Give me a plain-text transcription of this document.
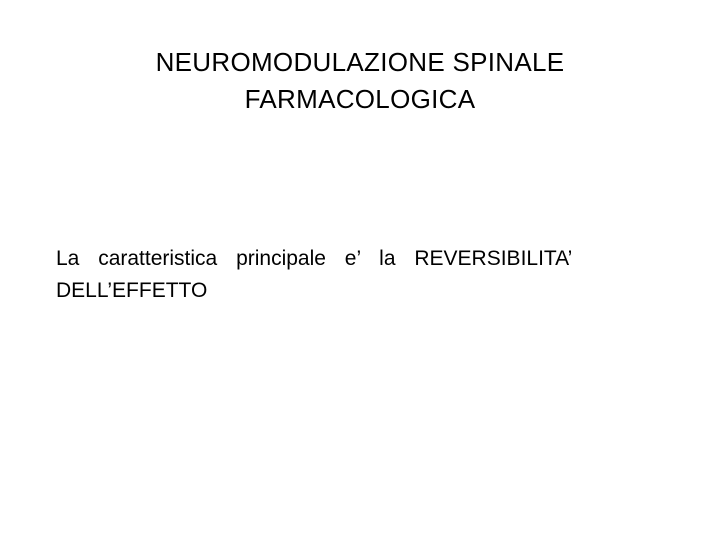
NEUROMODULAZIONE SPINALE
FARMACOLOGICA
La caratteristica principale e’ la REVERSIBILITA’
DELL’EFFETTO
